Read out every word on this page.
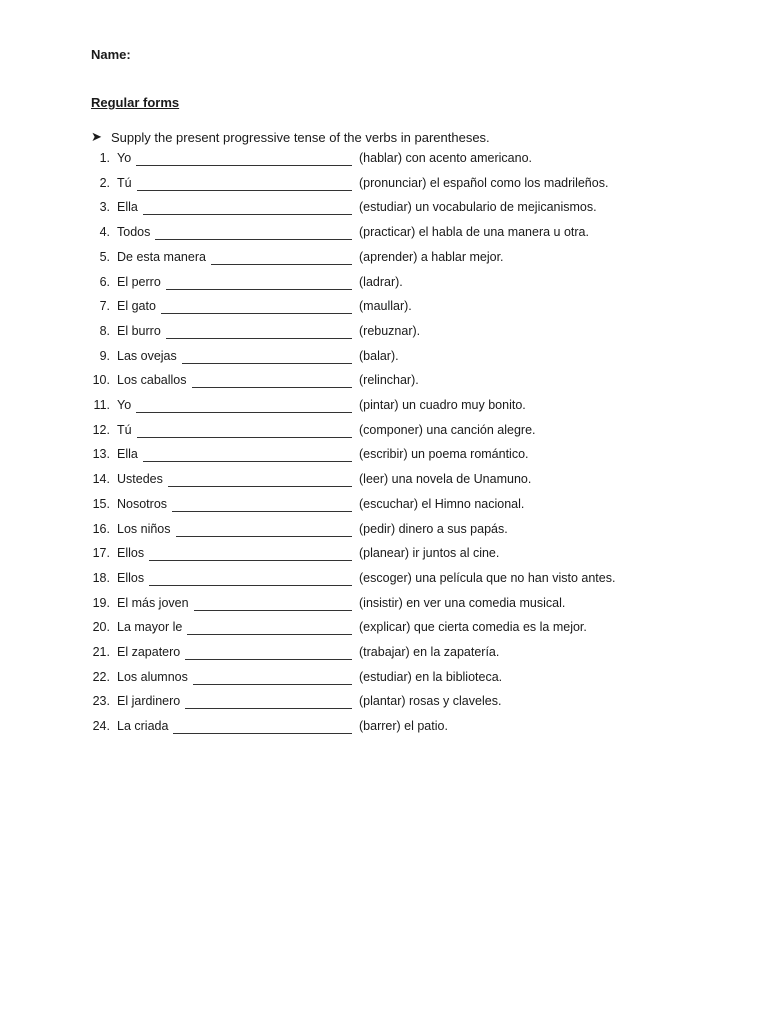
Name:
Regular forms
➤ Supply the present progressive tense of the verbs in parentheses.
1. Yo	(hablar) con acento americano.
2. Tú	(pronunciar) el español como los madrileños.
3. Ella	(estudiar) un vocabulario de mejicanismos.
4. Todos	(practicar) el habla de una manera u otra.
5. De esta manera	(aprender) a hablar mejor.
6. El perro	(ladrar).
7. El gato	(maullar).
8. El burro	(rebuznar).
9. Las ovejas	(balar).
10. Los caballos	(relinchar).
11. Yo	(pintar) un cuadro muy bonito.
12. Tú	(componer) una canción alegre.
13. Ella	(escribir) un poema romántico.
14. Ustedes	(leer) una novela de Unamuno.
15. Nosotros	(escuchar) el Himno nacional.
16. Los niños	(pedir) dinero a sus papás.
17. Ellos	(planear) ir juntos al cine.
18. Ellos	(escoger) una película que no han visto antes.
19. El más joven	(insistir) en ver una comedia musical.
20. La mayor le	(explicar) que cierta comedia es la mejor.
21. El zapatero	(trabajar) en la zapatería.
22. Los alumnos	(estudiar) en la biblioteca.
23. El jardinero	(plantar) rosas y claveles.
24. La criada	(barrer) el patio.
